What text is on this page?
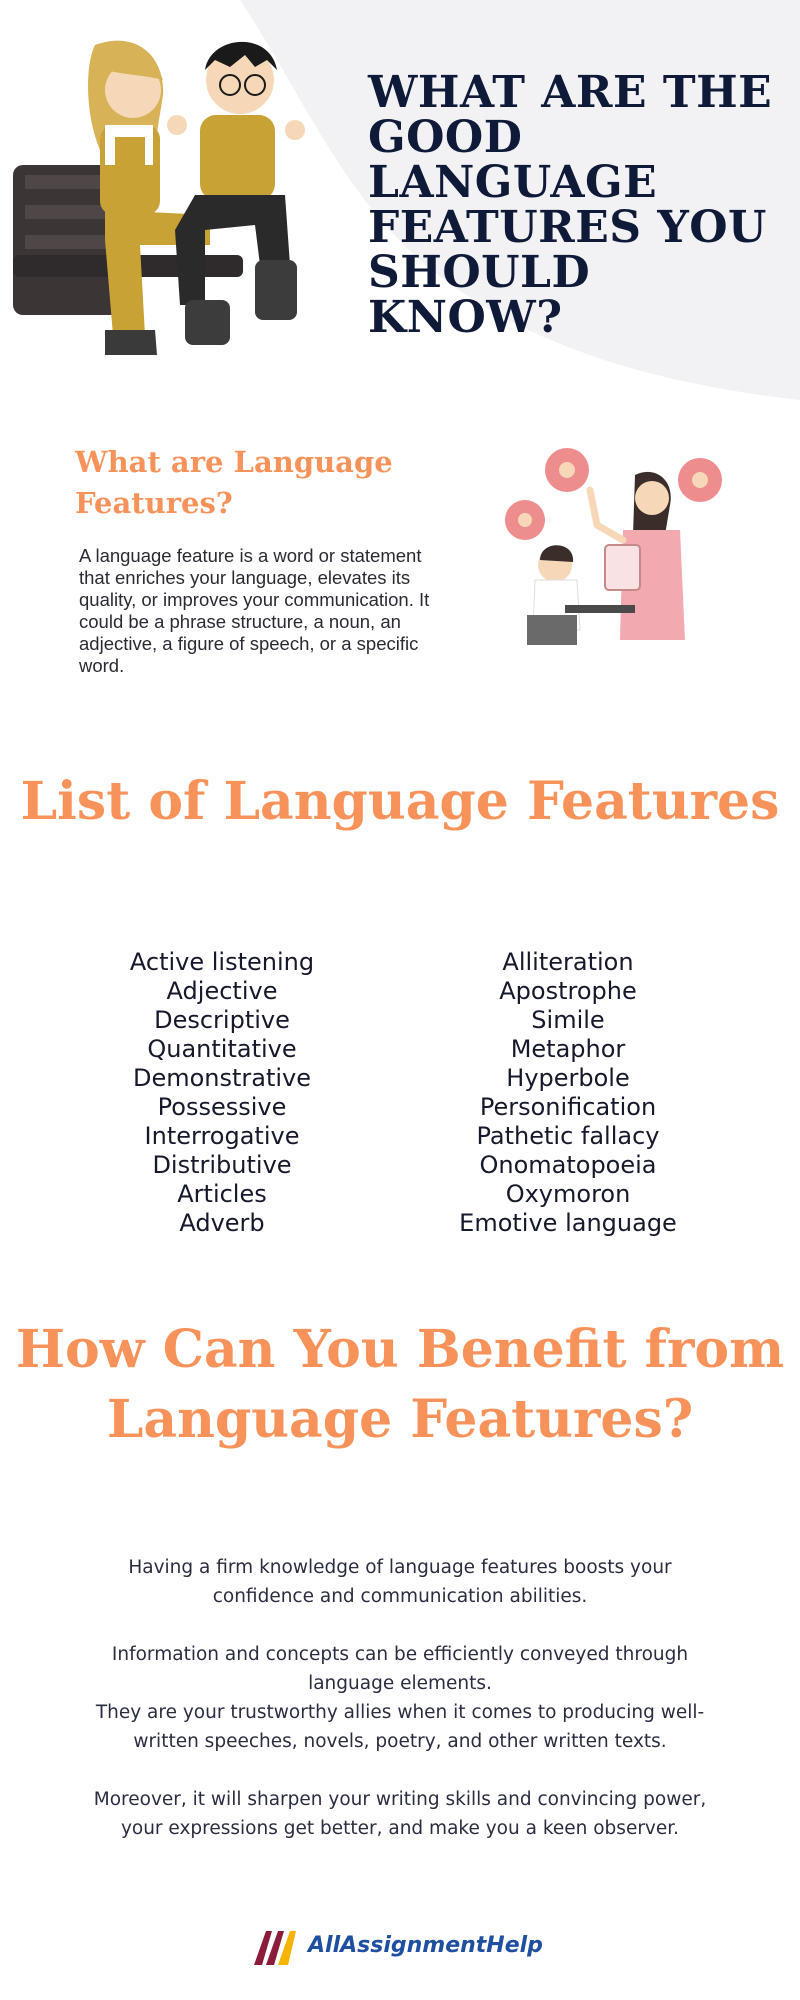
WHAT ARE THE GOOD LANGUAGE FEATURES YOU SHOULD KNOW?
What are Language Features?

A language feature is a word or statement that enriches your language, elevates its quality, or improves your communication. It could be a phrase structure, a noun, an adjective, a figure of speech, or a specific word.

List of Language Features
Active listening
Adjective
Descriptive
Quantitative
Demonstrative
Possessive
Interrogative
Distributive
Articles
Adverb
Alliteration
Apostrophe
Simile
Metaphor
Hyperbole
Personification
Pathetic fallacy
Onomatopoeia
Oxymoron
Emotive language
How Can You Benefit from Language Features?

Having a firm knowledge of language features boosts your confidence and communication abilities.

Information and concepts can be efficiently conveyed through language elements.
They are your trustworthy allies when it comes to producing well-written speeches, novels, poetry, and other written texts.

Moreover, it will sharpen your writing skills and convincing power, your expressions get better, and make you a keen observer.

AllAssignmentHelp
